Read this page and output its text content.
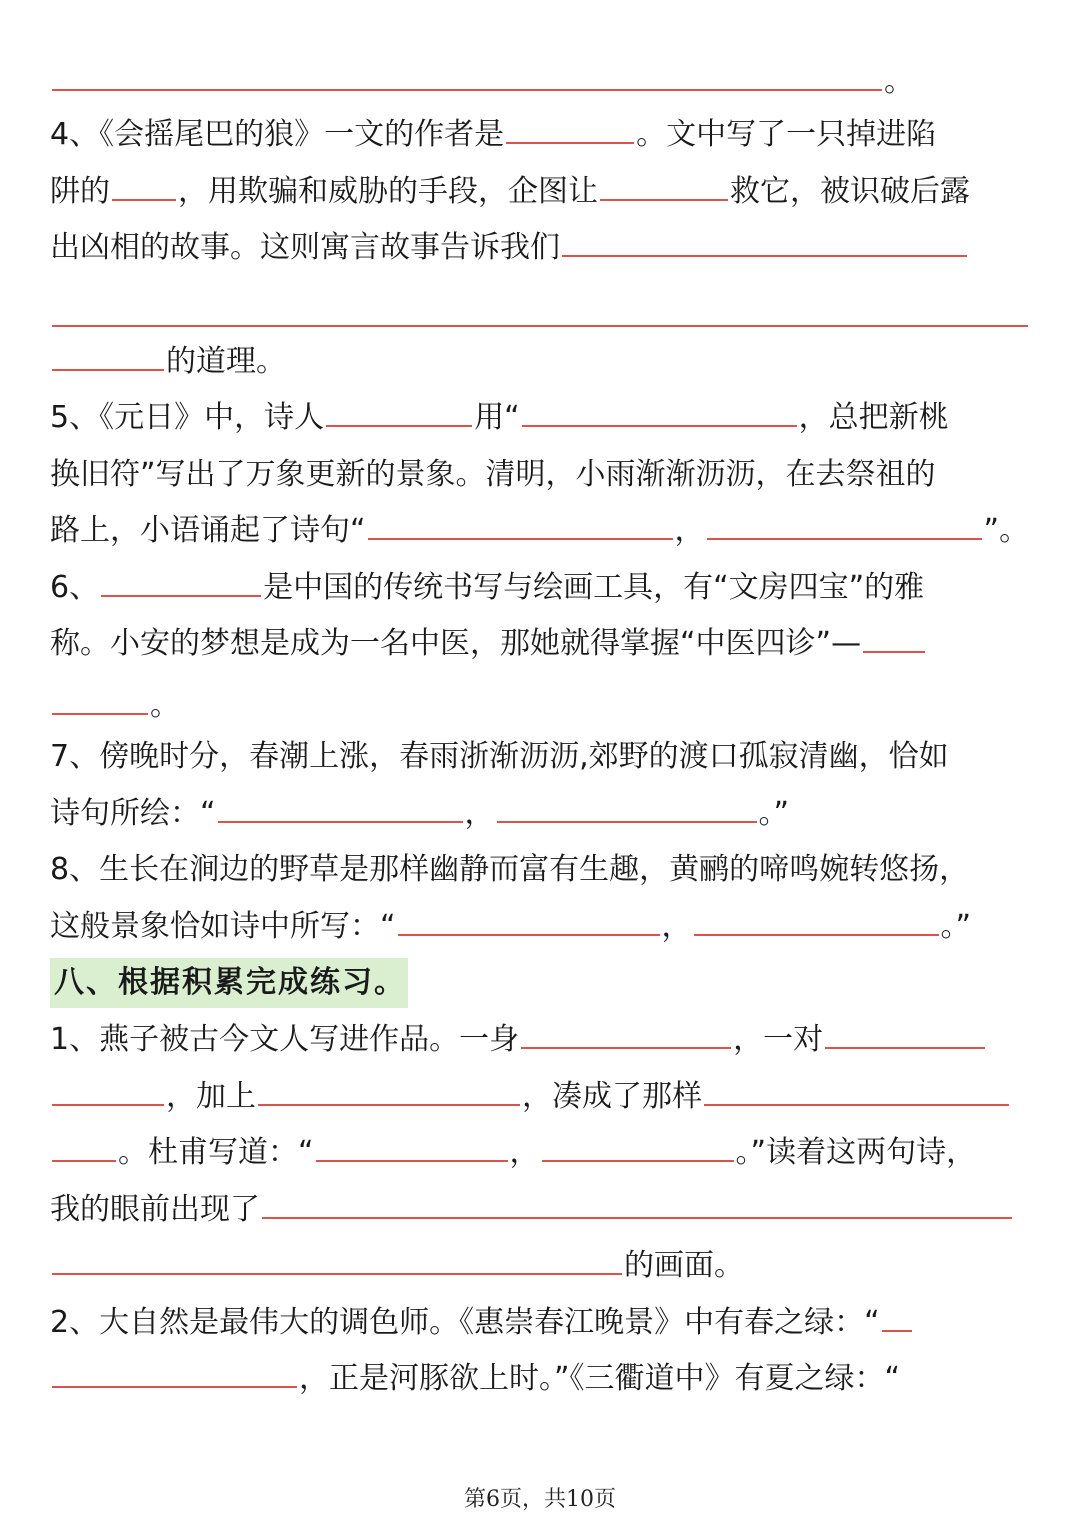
。
4、《会摇尾巴的狼》一文的作者是	。文中写了一只掉进陷
阱的 ，用欺骗和威胁的手段，企图让	救它，被识破后露
出凶相的故事。这则寓言故事告诉我们
的道理。
5、《元日》中，诗人	用“	，总把新桃
换旧符”写出了万象更新的景象。清明，小雨渐渐沥沥，在去祭祖的
路上，小语诵起了诗句“	，	”。
6、	是中国的传统书写与绘画工具，有“文房四宝”的雅
称。小安的梦想是成为一名中医，那她就得掌握“中医四诊”—
。
7、傍晚时分，春潮上涨，春雨浙渐沥沥,郊野的渡口孤寂清幽，恰如
诗句所绘：“	，	。”
8、生长在涧边的野草是那样幽静而富有生趣，黄鹂的啼鸣婉转悠扬，
这般景象恰如诗中所写：“	，	。”
八、根据积累完成练习。
1、燕子被古今文人写进作品。一身	，一对
，加上	，凑成了那样
。杜甫写道：“	，	。”读着这两句诗，
我的眼前出现了
的画面。
2、大自然是最伟大的调色师。《惠崇春江晚景》中有春之绿：“
，正是河豚欲上时。”《三衢道中》有夏之绿：“
第6页，共10页
